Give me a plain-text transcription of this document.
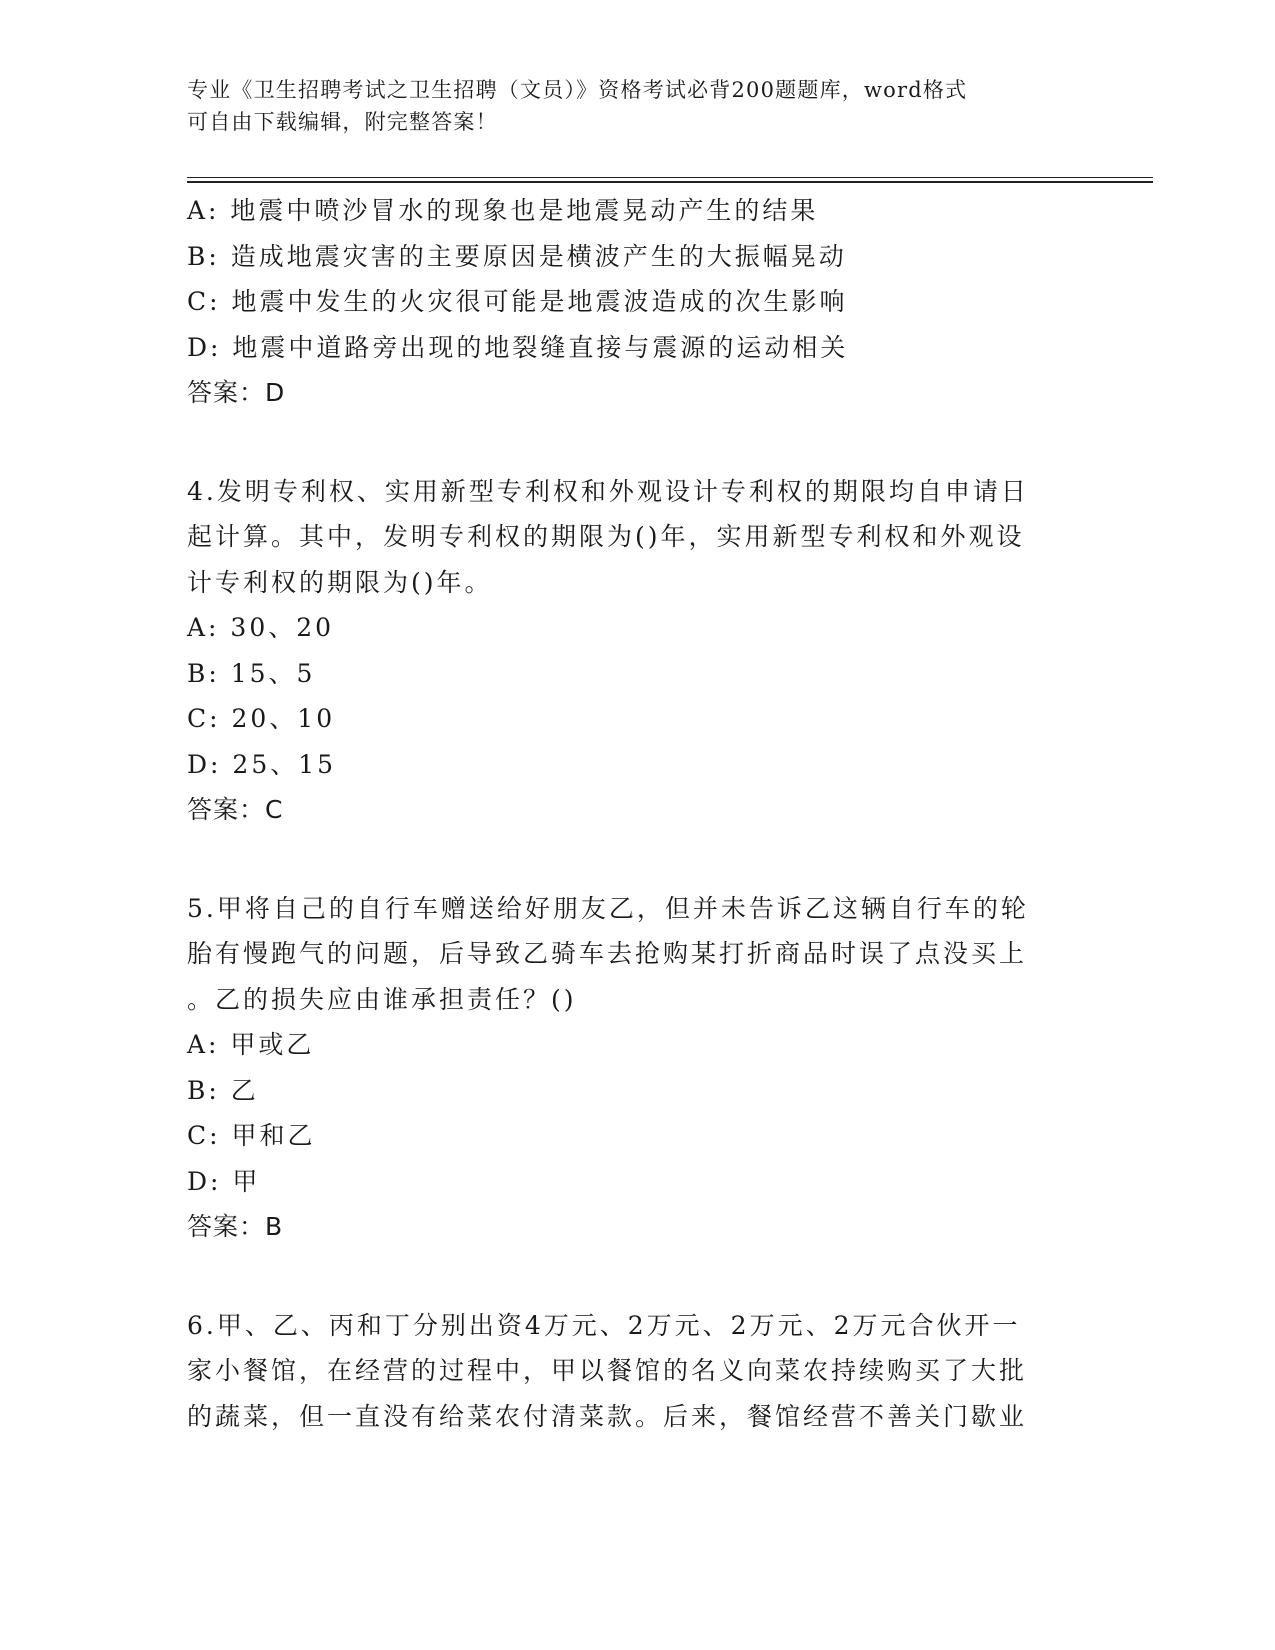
专业《卫生招聘考试之卫生招聘（文员）》资格考试必背200题题库，word格式
可自由下载编辑，附完整答案！
A: 地震中喷沙冒水的现象也是地震晃动产生的结果
B: 造成地震灾害的主要原因是横波产生的大振幅晃动
C: 地震中发生的火灾很可能是地震波造成的次生影响
D: 地震中道路旁出现的地裂缝直接与震源的运动相关
答案：D
4.发明专利权、实用新型专利权和外观设计专利权的期限均自申请日
起计算。其中，发明专利权的期限为()年，实用新型专利权和外观设
计专利权的期限为()年。
A: 30、20
B: 15、5
C: 20、10
D: 25、15
答案：C
5.甲将自己的自行车赠送给好朋友乙，但并未告诉乙这辆自行车的轮
胎有慢跑气的问题，后导致乙骑车去抢购某打折商品时误了点没买上
。乙的损失应由谁承担责任？()
A: 甲或乙
B: 乙
C: 甲和乙
D: 甲
答案：B
6.甲、乙、丙和丁分别出资4万元、2万元、2万元、2万元合伙开一
家小餐馆，在经营的过程中，甲以餐馆的名义向菜农持续购买了大批
的蔬菜，但一直没有给菜农付清菜款。后来，餐馆经营不善关门歇业
